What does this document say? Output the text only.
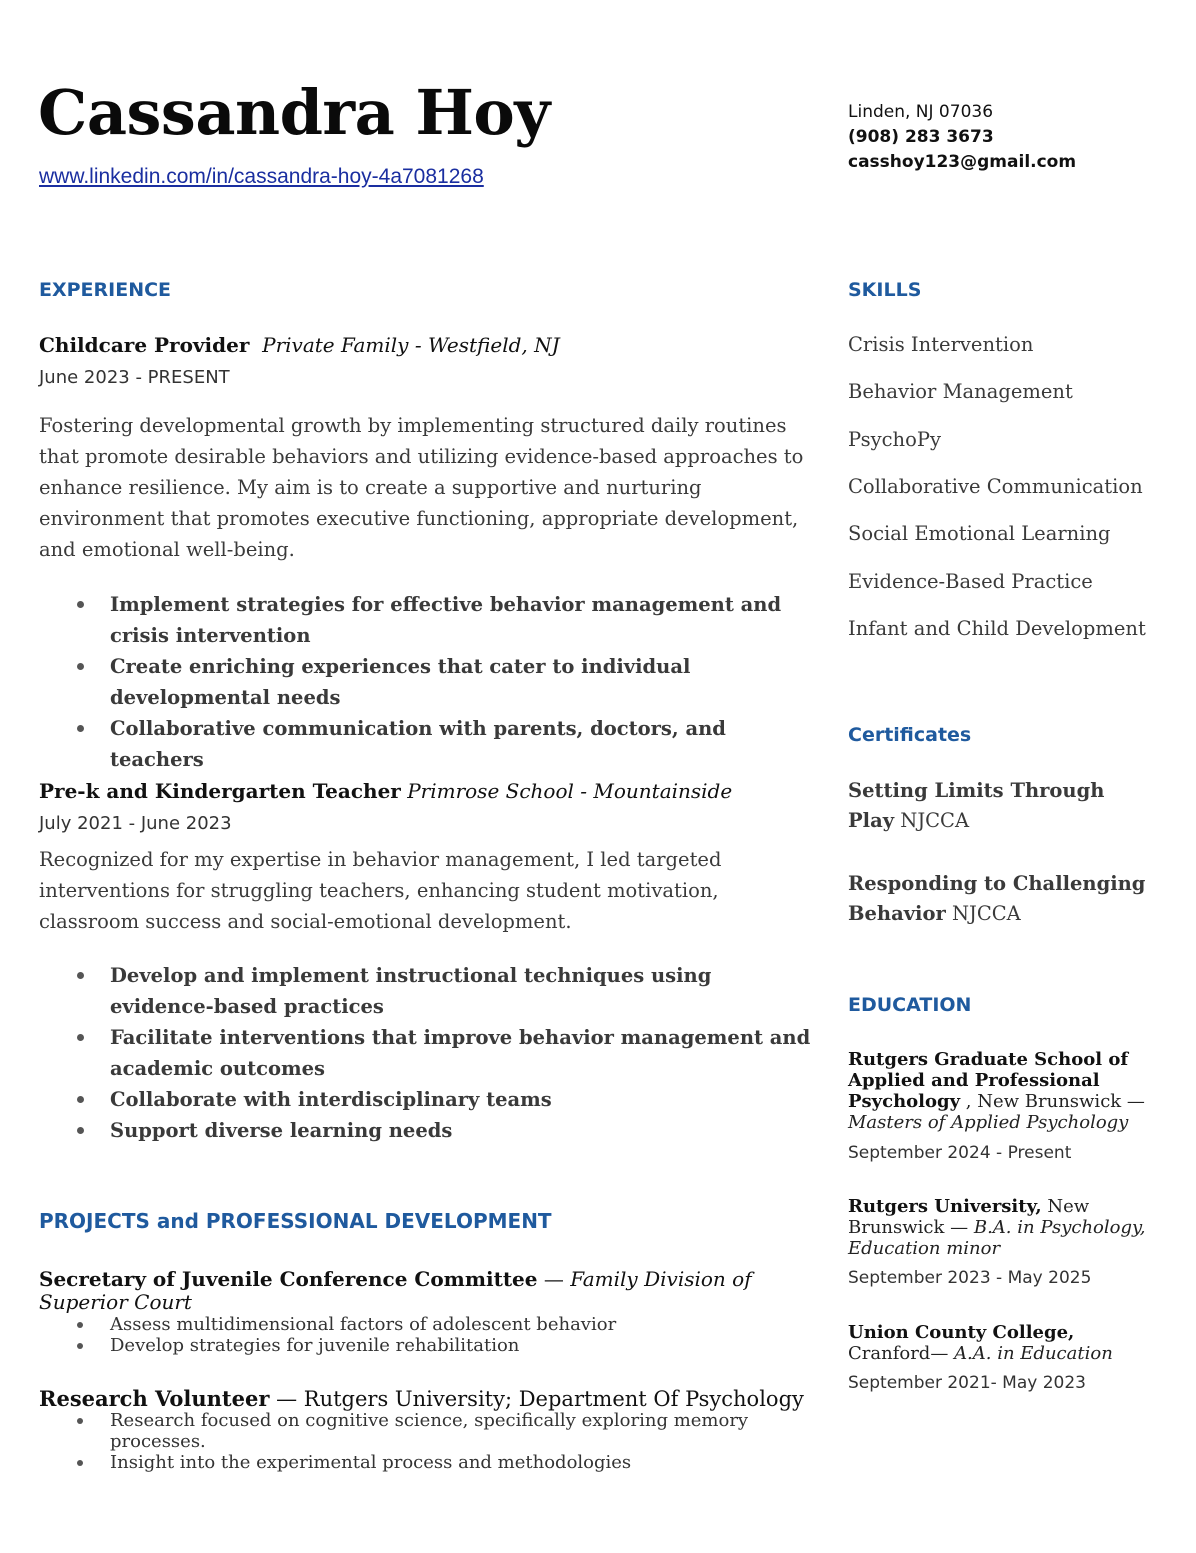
Cassandra Hoy
www.linkedin.com/in/cassandra-hoy-4a7081268
Linden, NJ 07036
(908) 283 3673
casshoy123@gmail.com
EXPERIENCE
Childcare Provider Private Family - Westfield, NJ
June 2023 - PRESENT
Fostering developmental growth by implementing structured daily routines that promote desirable behaviors and utilizing evidence-based approaches to enhance resilience. My aim is to create a supportive and nurturing environment that promotes executive functioning, appropriate development, and emotional well-being.
Implement strategies for effective behavior management and crisis intervention
Create enriching experiences that cater to individual developmental needs
Collaborative communication with parents, doctors, and teachers
Pre-k and Kindergarten Teacher Primrose School - Mountainside
July 2021 - June 2023
Recognized for my expertise in behavior management, I led targeted interventions for struggling teachers, enhancing student motivation, classroom success and social-emotional development.
Develop and implement instructional techniques using evidence-based practices
Facilitate interventions that improve behavior management and academic outcomes
Collaborate with interdisciplinary teams
Support diverse learning needs
PROJECTS and PROFESSIONAL DEVELOPMENT
Secretary of Juvenile Conference Committee — Family Division of Superior Court
Assess multidimensional factors of adolescent behavior
Develop strategies for juvenile rehabilitation
Research Volunteer — Rutgers University; Department Of Psychology
Research focused on cognitive science, specifically exploring memory processes.
Insight into the experimental process and methodologies
SKILLS
Crisis Intervention
Behavior Management
PsychoPy
Collaborative Communication
Social Emotional Learning
Evidence-Based Practice
Infant and Child Development
Certificates
Setting Limits Through Play NJCCA
Responding to Challenging Behavior NJCCA
EDUCATION
Rutgers Graduate School of Applied and Professional Psychology , New Brunswick — Masters of Applied Psychology
September 2024 - Present
Rutgers University, New Brunswick — B.A. in Psychology, Education minor
September 2023 - May 2025
Union County College, Cranford— A.A. in Education
September 2021- May 2023
